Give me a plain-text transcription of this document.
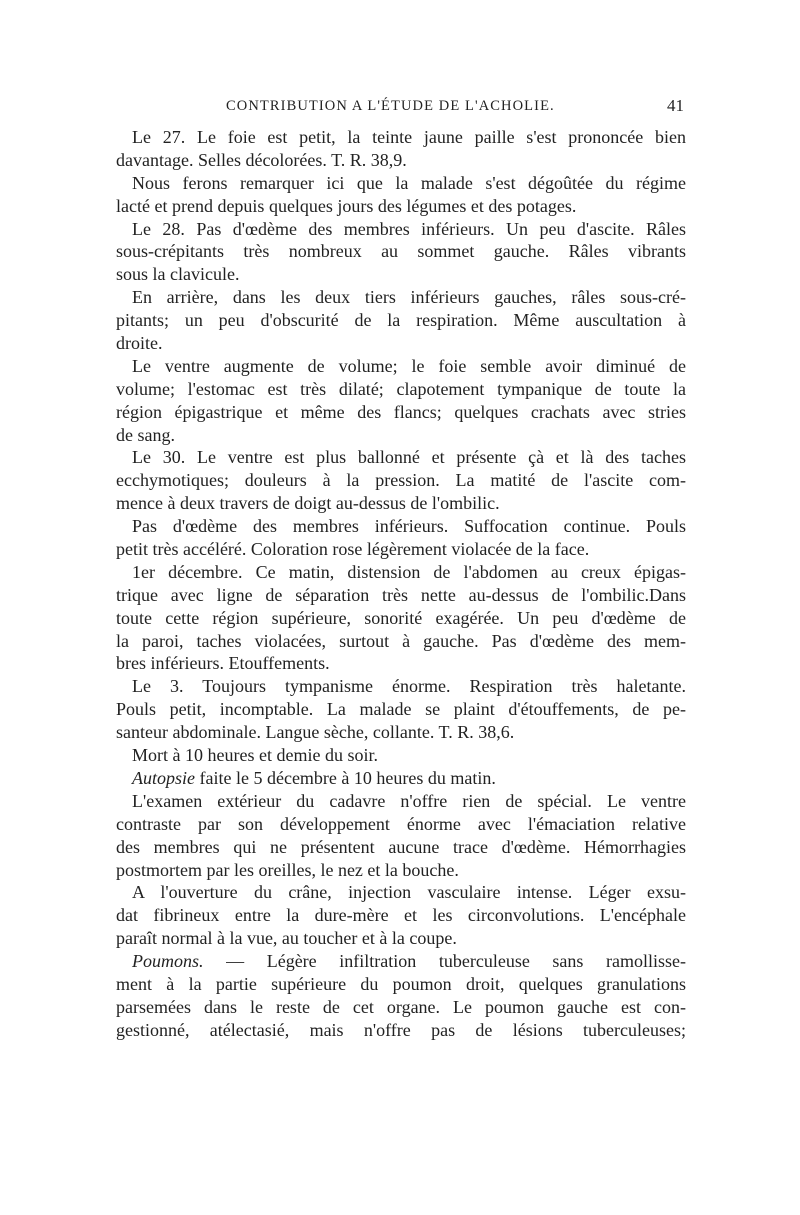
CONTRIBUTION A L'ÉTUDE DE L'ACHOLIE.	41
Le 27. Le foie est petit, la teinte jaune paille s'est prononcée bien
davantage. Selles décolorées. T. R. 38,9.
Nous ferons remarquer ici que la malade s'est dégoûtée du régime
lacté et prend depuis quelques jours des légumes et des potages.
Le 28. Pas d'œdème des membres inférieurs. Un peu d'ascite. Râles
sous-crépitants très nombreux au sommet gauche. Râles vibrants
sous la clavicule.
En arrière, dans les deux tiers inférieurs gauches, râles sous-cré-
pitants; un peu d'obscurité de la respiration. Même auscultation à
droite.
Le ventre augmente de volume; le foie semble avoir diminué de
volume; l'estomac est très dilaté; clapotement tympanique de toute la
région épigastrique et même des flancs; quelques crachats avec stries
de sang.
Le 30. Le ventre est plus ballonné et présente çà et là des taches
ecchymotiques; douleurs à la pression. La matité de l'ascite com-
mence à deux travers de doigt au-dessus de l'ombilic.
Pas d'œdème des membres inférieurs. Suffocation continue. Pouls
petit très accéléré. Coloration rose légèrement violacée de la face.
1er décembre. Ce matin, distension de l'abdomen au creux épigas-
trique avec ligne de séparation très nette au-dessus de l'ombilic.Dans
toute cette région supérieure, sonorité exagérée. Un peu d'œdème de
la paroi, taches violacées, surtout à gauche. Pas d'œdème des mem-
bres inférieurs. Etouffements.
Le 3. Toujours tympanisme énorme. Respiration très haletante.
Pouls petit, incomptable. La malade se plaint d'étouffements, de pe-
santeur abdominale. Langue sèche, collante. T. R. 38,6.
Mort à 10 heures et demie du soir.
Autopsie faite le 5 décembre à 10 heures du matin.
L'examen extérieur du cadavre n'offre rien de spécial. Le ventre
contraste par son développement énorme avec l'émaciation relative
des membres qui ne présentent aucune trace d'œdème. Hémorrhagies
postmortem par les oreilles, le nez et la bouche.
A l'ouverture du crâne, injection vasculaire intense. Léger exsu-
dat fibrineux entre la dure-mère et les circonvolutions. L'encéphale
paraît normal à la vue, au toucher et à la coupe.
Poumons. — Légère infiltration tuberculeuse sans ramollisse-
ment à la partie supérieure du poumon droit, quelques granulations
parsemées dans le reste de cet organe. Le poumon gauche est con-
gestionné, atélectasié, mais n'offre pas de lésions tuberculeuses;
